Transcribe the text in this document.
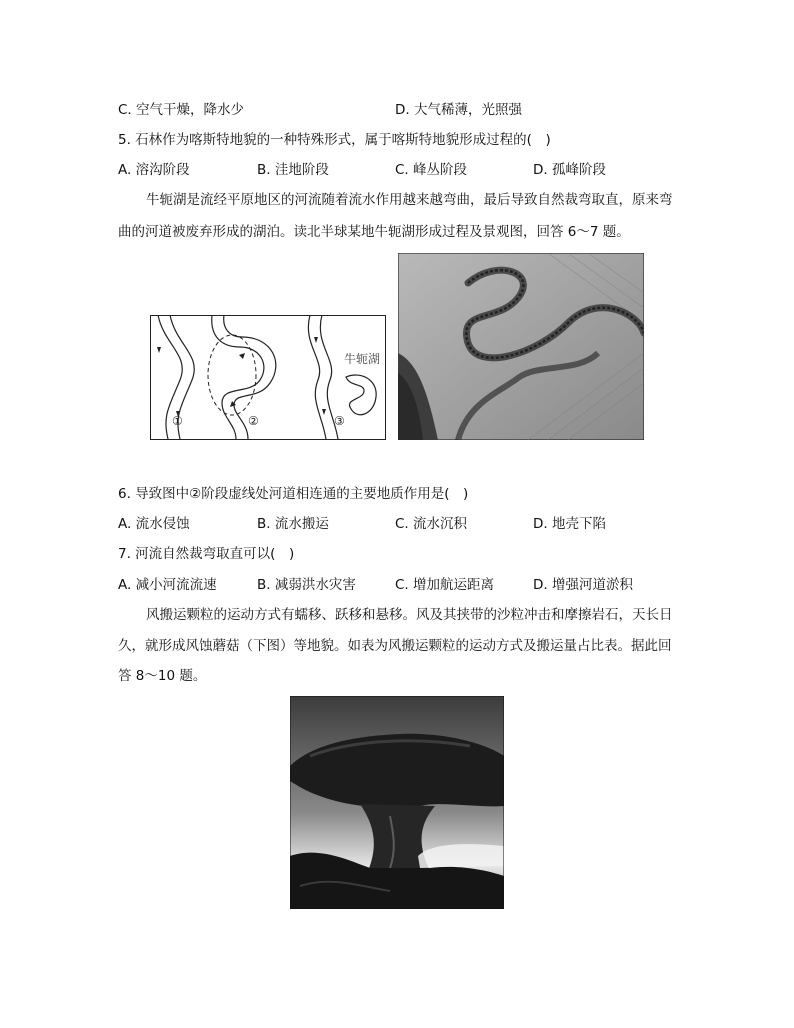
C. 空气干燥，降水少	D. 大气稀薄，光照强
5. 石林作为喀斯特地貌的一种特殊形式，属于喀斯特地貌形成过程的(　)
A. 溶沟阶段	B. 洼地阶段	C. 峰丛阶段	D. 孤峰阶段
牛轭湖是流经平原地区的河流随着流水作用越来越弯曲，最后导致自然裁弯取直，原来弯
曲的河道被废弃形成的湖泊。读北半球某地牛轭湖形成过程及景观图，回答 6～7 题。
①	②	③
牛轭湖
6. 导致图中②阶段虚线处河道相连通的主要地质作用是(　)
A. 流水侵蚀	B. 流水搬运	C. 流水沉积	D. 地壳下陷
7. 河流自然裁弯取直可以(　)
A. 减小河流流速	B. 减弱洪水灾害	C. 增加航运距离	D. 增强河道淤积
风搬运颗粒的运动方式有蠕移、跃移和悬移。风及其挟带的沙粒冲击和摩擦岩石，天长日
久，就形成风蚀蘑菇（下图）等地貌。如表为风搬运颗粒的运动方式及搬运量占比表。据此回
答 8～10 题。
